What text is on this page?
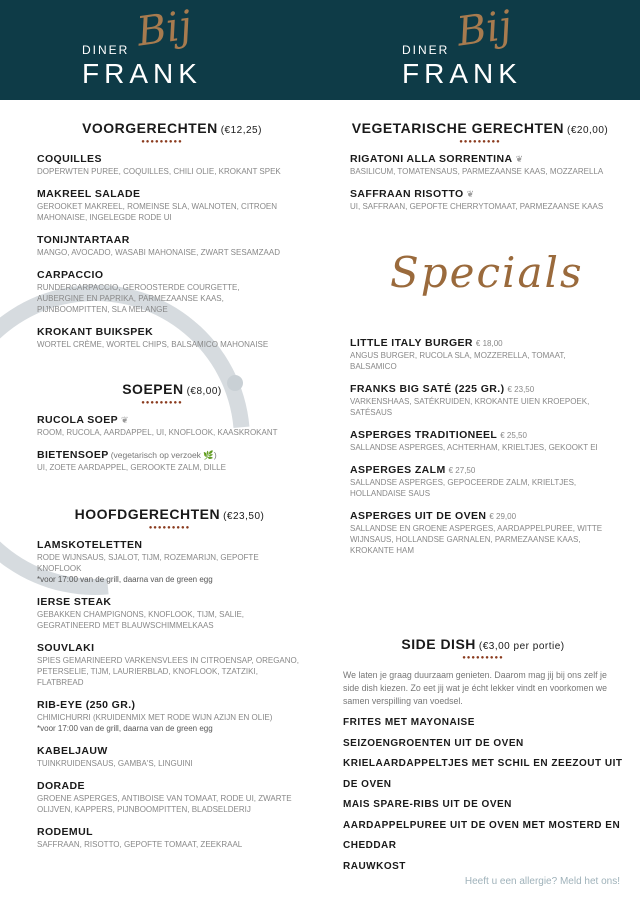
DINER Bij
FRANK
DINER Bij
FRANK
VOORGERECHTEN (€12,25)
●●●●●●●●●
COQUILLES
DOPERWTEN PUREE, COQUILLES, CHILI OLIE, KROKANT SPEK
MAKREEL SALADE
GEROOKET MAKREEL, ROMEINSE SLA, WALNOTEN, CITROEN MAHONAISE, INGELEGDE RODE UI
TONIJNTARTAAR
MANGO, AVOCADO, WASABI MAHONAISE, ZWART SESAMZAAD
CARPACCIO
RUNDERCARPACCIO, GEROOSTERDE COURGETTE, AUBERGINE EN PAPRIKA, PARMEZAANSE KAAS, PIJNBOOMPITTEN, SLA MELANGE
KROKANT BUIKSPEK
WORTEL CRÈME, WORTEL CHIPS, BALSAMICO MAHONAISE
SOEPEN (€8,00)
●●●●●●●●●
RUCOLA SOEP ❦
ROOM, RUCOLA, AARDAPPEL, UI, KNOFLOOK, KAASKROKANT
BIETENSOEP (vegetarisch op verzoek 🌿)
UI, ZOETE AARDAPPEL, GEROOKTE ZALM, DILLE
HOOFDGERECHTEN (€23,50)
●●●●●●●●●
LAMSKOTELETTEN
RODE WIJNSAUS, SJALOT, TIJM, ROZEMARIJN, GEPOFTE KNOFLOOK
*voor 17:00 van de grill, daarna van de green egg
IERSE STEAK
GEBAKKEN CHAMPIGNONS, KNOFLOOK, TIJM, SALIE, GEGRATINEERD MET BLAUWSCHIMMELKAAS
SOUVLAKI
SPIES GEMARINEERD VARKENSVLEES IN CITROENSAP, OREGANO, PETERSELIE, TIJM, LAURIERBLAD, KNOFLOOK, TZATZIKI, FLATBREAD
RIB-EYE (250 GR.)
CHIMICHURRI (KRUIDENMIX MET RODE WIJN AZIJN EN OLIE)
*voor 17:00 van de grill, daarna van de green egg
KABELJAUW
TUINKRUIDENSAUS, GAMBA'S, LINGUINI
DORADE
GROENE ASPERGES, ANTIBOISE VAN TOMAAT, RODE UI, ZWARTE OLIJVEN, KAPPERS, PIJNBOOMPITTEN, BLADSELDERIJ
RODEMUL
SAFFRAAN, RISOTTO, GEPOFTE TOMAAT, ZEEKRAAL
VEGETARISCHE GERECHTEN (€20,00)
●●●●●●●●●
RIGATONI ALLA SORRENTINA ❦
BASILICUM, TOMATENSAUS, PARMEZAANSE KAAS, MOZZARELLA
SAFFRAAN RISOTTO ❦
UI, SAFFRAAN, GEPOFTE CHERRYTOMAAT, PARMEZAANSE KAAS
Specials
LITTLE ITALY BURGER € 18,00
ANGUS BURGER, RUCOLA SLA, MOZZERELLA, TOMAAT, BALSAMICO
FRANKS BIG SATÉ (225 GR.) € 23,50
VARKENSHAAS, SATÉKRUIDEN, KROKANTE UIEN KROEPOEK, SATÉSAUS
ASPERGES TRADITIONEEL € 25,50
SALLANDSE ASPERGES, ACHTERHAM, KRIELTJES, GEKOOKT EI
ASPERGES ZALM € 27,50
SALLANDSE ASPERGES, GEPOCEERDE ZALM, KRIELTJES, HOLLANDAISE SAUS
ASPERGES UIT DE OVEN € 29,00
SALLANDSE EN GROENE ASPERGES, AARDAPPELPUREE, WITTE WIJNSAUS, HOLLANDSE GARNALEN, PARMEZAANSE KAAS, KROKANTE HAM
SIDE DISH (€3,00 per portie)
●●●●●●●●●
We laten je graag duurzaam genieten. Daarom mag jij bij ons zelf je side dish kiezen. Zo eet jij wat je écht lekker vindt en voorkomen we samen verspilling van voedsel.
FRITES MET MAYONAISE
SEIZOENGROENTEN UIT DE OVEN
KRIELAARDAPPELTJES MET SCHIL EN ZEEZOUT UIT DE OVEN
MAIS SPARE-RIBS UIT DE OVEN
AARDAPPELPUREE UIT DE OVEN MET MOSTERD EN CHEDDAR
RAUWKOST
Heeft u een allergie? Meld het ons!
